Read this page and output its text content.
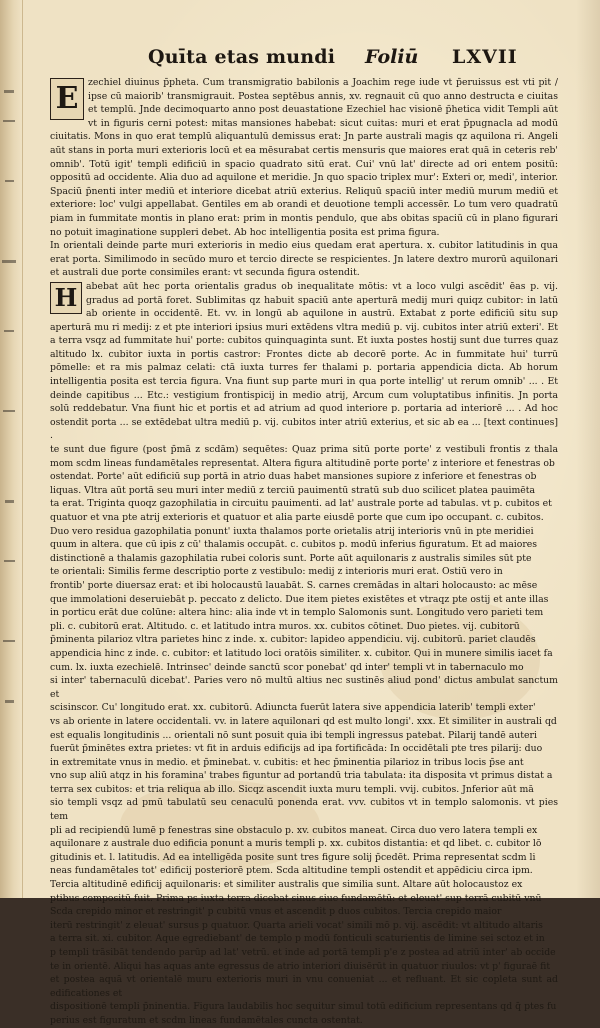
Quīta etas mundi Foliū LXVII

E	zechiel diuinus p̄pheta. Cum transmigratio babilonis a Joachim rege iude vt p̄eruissus est vti pit / ipse cū maiorib' transmigrauit. Postea septēbus annis, xv. regnauit cū quo anno destructa e ciuitas et templū. Jnde decimoquarto anno post deuastatione Ezechiel hac visionē p̄hetica vidit Templi aūt vt in figuris cerni potest: mitas mansiones habebat: sicut cuitas: muri et erat p̄pugnacla ad modū ciuitatis. Mons in quo erat templū aliquantulū demissus erat: Jn parte australi magis qz aquilona ri. Angeli aūt stans in porta muri exterioris locū et ea mēsurabat certis mensuris que maiores erat quā in ceteris reb' omnib'. Totū igit' templi edificiū in spacio quadrato sitū erat. Cui' vnū lat' directe ad ori entem positū: oppositū ad occidente. Alia duo ad aquilone et meridie. Jn quo spacio triplex mur': Exteri or, medi', interior. Spaciū p̄nenti inter mediū et interiore dicebat atriū exterius. Reliquū spaciū inter mediū murum mediū et exteriore: loc' vulgi appellabat. Gentiles em ab orandi et deuotione templi accessēr. Lo tum vero quadratū piam in fummitate montis in plano erat: prim in montis pendulo, que abs obitas spaciū cū in plano figurari no potuit imaginatione suppleri debet. Ab hoc intelligentia posita est prima figura.

In orientali deinde parte muri exterioris in medio eius quedam erat apertura. x. cubitor latitudinis in qua erat porta. Similimodo in secūdo muro et tercio directe se respicientes. Jn latere dextro murorū aquilonari et australi due porte consimiles erant: vt secunda figura ostendit.

H abebat aūt hec porta orientalis gradus ob inequalitate mōtis: vt a loco vulgi ascēdit' ēas p. vij. gradus ad portā foret. Sublimitas qz habuit spaciū ante aperturā medij muri quiqz cubitor: in latū ab oriente in occidentē. Et. vv. in longū ab aquilone in austrū. Extabat z porte edificiū situ sup aperturā mu ri medij: z et pte interiori ipsius muri extēdens vltra mediū p. vij. cubitos inter atriū exteri'. Et a terra vsqz ad fummitate hui' porte: cubitos quinquaginta sunt. Et iuxta postes hostij sunt due turres quaz altitudo lx. cubitor iuxta in portis castror: Frontes dicte ab decorē porte. Ac in fummitate hui' turrū pōmelle: et ra mis palmaz celati: ctā iuxta turres fer thalami p. portaria appendicia dicta. Ab horum intelligentia posita est tercia figura. Vna fiunt sup parte muri in qua porte intellig' ut rerum omnib' ... . Et deinde capitibus ... Etc.: vestigium frontispicij in medio atrij, Arcum cum voluptatibus infinitis. Jn porta solū reddebatur. Vna fiunt hic et portis et ad atrium ad quod interiore p. portaria ad interiorē ... . Ad hoc ostendit porta ... se extēdebat ultra mediū p. vij. cubitos inter atriū exterius, et sic ab ea ... [text continues] .

te sunt due figure (post p̄mā z scdām) sequētes: Quaz prima sitū porte porte' z vestibuli frontis z thala mom scdm lineas fundamētales representat. Altera figura altitudinē porte porte' z interiore et fenestras ob
ostendat. Porte' aūt edificiū sup portā in atrio duas habet mansiones supiore z inferiore et fenestras ob
liquas. Vltra aūt portā seu muri inter mediū z terciū pauimentū stratū sub duo scilicet platea pauimēta
ta erat. Triginta quoqz gazophilatia in circuitu pauimenti. ad lat' australe porte ad tabulas. vt p. cubitos et
quatuor et vna pte atrij exterioris et quatuor et alia parte eiusdē porte que cum ipo occupant. c. cubitos.
Duo vero residua gazophilatia ponunt' iuxta thalamos porte orietalis atrij interioris vnū in pte meridiei
quum in altera. que cū ipis z cū' thalamis occupāt. c. cubitos p. modū inferius figuratum. Et ad maiores
distinctionē a thalamis gazophilatia rubei coloris sunt. Porte aūt aquilonaris z australis similes sūt pte
te orientali: Similis ferme descriptio porte z vestibulo: medij z interioris muri erat. Ostiū vero in
frontib' porte diuersaz erat: et ibi holocaustū lauabāt. S. carnes cremādas in altari holocausto: ac mēse
que immolationi deseruiebāt p. peccato z delicto. Due item pietes existētes et vtraqz pte ostij et ante illas
in porticu erāt due colūne: altera hinc: alia inde vt in templo Salomonis sunt. Longitudo vero parieti tem
pli. c. cubitorū erat. Altitudo. c. et latitudo intra muros. xx. cubitos cōtinet. Duo pietes. vij. cubitorū
p̄minenta pilarioz vltra parietes hinc z inde. x. cubitor: lapideo appendiciu. vij. cubitorū. pariet claudēs
appendicia hinc z inde. c. cubitor: et latitudo loci oratōis similiter. x. cubitor. Qui in munere similis iacet fa
cum. lx. iuxta ezechielē. Intrinsec' deinde sanctū scor ponebat' qd inter' templi vt in tabernaculo mo
si inter' tabernaculū dicebat'. Paries vero nō multū altius nec sustinēs aliud pond' dictus ambulat sanctum et
scisinscor. Cu' longitudo erat. xx. cubitorū. Adiuncta fuerūt latera sive appendicia laterib' templi exter'
vs ab oriente in latere occidentali. vv. in latere aquilonari qd est multo longi'. xxx. Et similiter in australi qd
est equalis longitudinis ... orientali nō sunt posuit quia ibi templi ingressus patebat. Pilarij tandē auteri
fuerūt p̄minētes extra prietes: vt fit in arduis edificijs ad ipa fortificāda: In occidētali pte tres pilarij: duo
in extremitate vnus in medio. et p̄minebat. v. cubitis: et hec p̄minentia pilarioz in tribus locis p̄se ant
vno sup aliū atqz in his foramina' trabes figuntur ad portandū tria tabulata: ita disposita vt primus distat a
terra sex cubitos: et tria reliqua ab illo. Sicqz ascendit iuxta muru templi. vvij. cubitos. Jnferior aūt mā
sio templi vsqz ad pmū tabulatū seu cenaculū ponenda erat. vvv. cubitos vt in templo salomonis. vt pies tem
pli ad recipiendū lumē p fenestras sine obstaculo p. xv. cubitos maneat. Circa duo vero latera templi ex
aquilonare z australe duo edificia ponunt a muris templi p. xx. cubitos distantia: et qd libet. c. cubitor lō
gitudinis et. l. latitudis. Ad ea intelligēda posite sunt tres figure solij p̄cedēt. Prima representat scdm li
neas fundamētales tot' edificij posteriorē ptem. Scda altitudine templi ostendit et appēdiciu circa ipm.
Tercia altitudinē edificij aquilonaris: et similiter australis que similia sunt. Altare aūt holocaustoz ex
ptibus compositū fuit. Prima ps iuxta terra dicebat sinus siue fundamētū: et eleuat' sup terrā cubitū vnū
Scda crepido minor et restringit' p cubitū vnus et ascendit p duos cubitos. Tercia crepido maior
iterū restringit' z eleuat' sursus p quatuor. Quarta arieli vocat' simili mō p. vij. ascēdit: vt altitudo altaris
a terra sit. xi. cubitor. Aque egrediebant' de templo p modū fonticuli scaturientis de limine sei sctoz et in
p templi trāsibāt tendendo parūp ad lat' vetrū. et inde ad portā templi p'e z postea ad atriū inter' ab occide
te in orientē. Aliqui has aquas ante egressus de atrio interiori diuisērūt in quatuor riuulos: vt p' figuraē fit
et postea aquā vt orientalē muru exterioris muri in vnu conueniat ... et refluant. Et sic copleta sunt ad edificationes et
dispositionē templi p̄ninentia. Figura laudabilis hoc sequitur simul totū edificium representans qd q̄ ptes fu
perius est figuratum et scdm lineas fundamētales cuncta ostentat.
